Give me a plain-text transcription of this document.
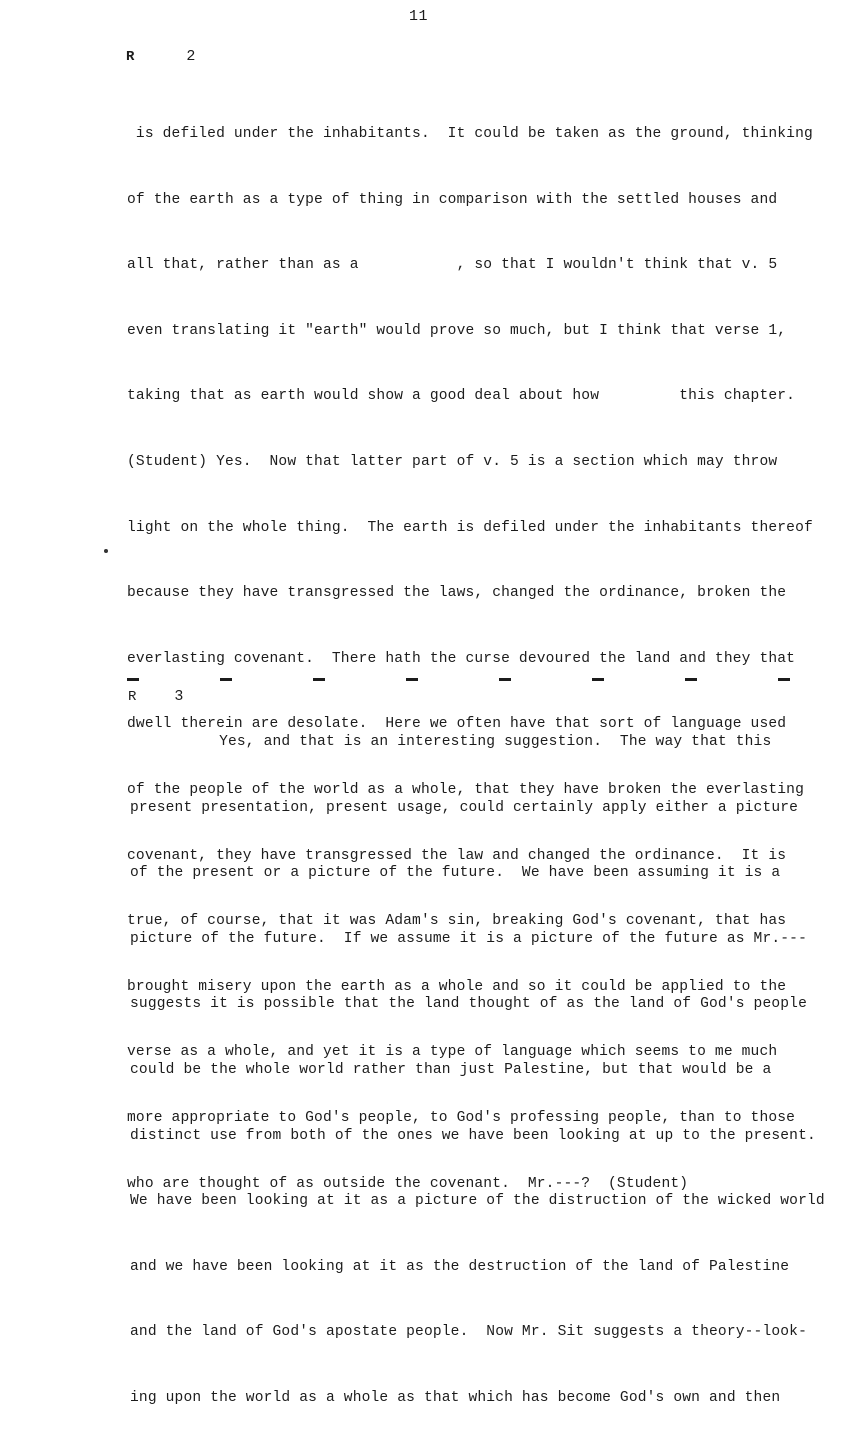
11
R	2

is defiled under the inhabitants.  It could be taken as the ground, thinking

of the earth as a type of thing in comparison with the settled houses and

all that, rather than as a           , so that I wouldn't think that v. 5

even translating it "earth" would prove so much, but I think that verse 1,

taking that as earth would show a good deal about how         this chapter.

(Student) Yes.  Now that latter part of v. 5 is a section which may throw

light on the whole thing.  The earth is defiled under the inhabitants thereof

because they have transgressed the laws, changed the ordinance, broken the

everlasting covenant.  There hath the curse devoured the land and they that

dwell therein are desolate.  Here we often have that sort of language used

of the people of the world as a whole, that they have broken the everlasting

covenant, they have transgressed the law and changed the ordinance.  It is

true, of course, that it was Adam's sin, breaking God's covenant, that has

brought misery upon the earth as a whole and so it could be applied to the

verse as a whole, and yet it is a type of language which seems to me much

more appropriate to God's people, to God's professing people, than to those

who are thought of as outside the covenant.  Mr.---?  (Student)

R	3

Yes, and that is an interesting suggestion.  The way that this

present presentation, present usage, could certainly apply either a picture

of the present or a picture of the future.  We have been assuming it is a

picture of the future.  If we assume it is a picture of the future as Mr.---

suggests it is possible that the land thought of as the land of God's people

could be the whole world rather than just Palestine, but that would be a

distinct use from both of the ones we have been looking at up to the present.

We have been looking at it as a picture of the distruction of the wicked world

and we have been looking at it as the destruction of the land of Palestine

and the land of God's apostate people.  Now Mr. Sit suggests a theory--look-

ing upon the world as a whole as that which has become God's own and then
